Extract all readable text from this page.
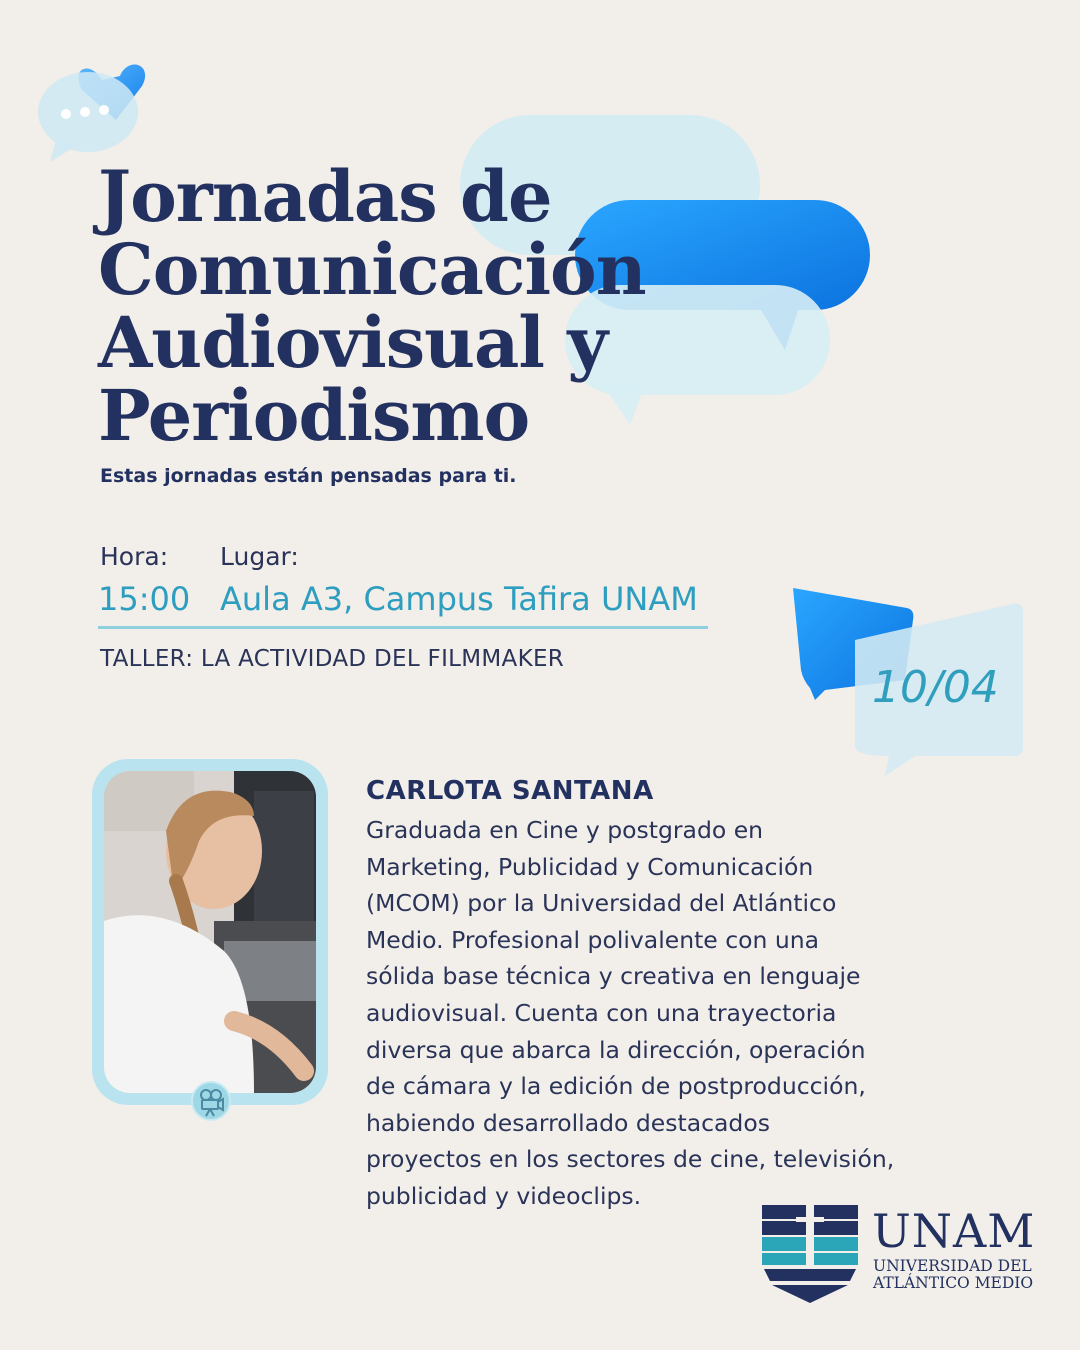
Jornadas de
Comunicación
Audiovisual y
Periodismo
Estas jornadas están pensadas para ti.
Hora: Lugar:
15:00 Aula A3, Campus Tafira UNAM
TALLER: LA ACTIVIDAD DEL FILMMAKER
10/04
CARLOTA SANTANA
Graduada en Cine y postgrado en
Marketing, Publicidad y Comunicación
(MCOM) por la Universidad del Atlántico
Medio. Profesional polivalente con una
sólida base técnica y creativa en lenguaje
audiovisual. Cuenta con una trayectoria
diversa que abarca la dirección, operación
de cámara y la edición de postproducción,
habiendo desarrollado destacados
proyectos en los sectores de cine, televisión,
publicidad y videoclips.
UNAM
UNIVERSIDAD DEL
ATLÁNTICO MEDIO
